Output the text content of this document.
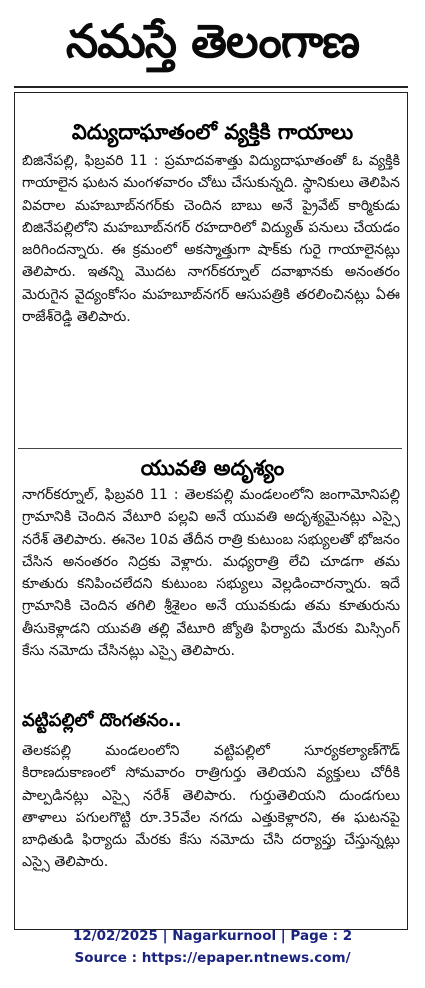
నమస్తే తెలంగాణ
విద్యుదాఘాతంలో వ్యక్తికి గాయాలు
బిజినేపల్లి, ఫిబ్రవరి 11 : ప్రమాదవశాత్తు విద్యుదాఘాతంతో ఓ వ్యక్తికి గాయాలైన ఘటన మంగళవారం చోటు చేసుకున్నది. స్థానికులు తెలిపిన వివరాల మహబూబ్‌నగర్‌కు చెందిన బాబు అనే ప్రైవేట్ కార్మికుడు బిజినేపల్లిలోని మహబూబ్‌నగర్ రహదారిలో విద్యుత్ పనులు చేయడం జరిగిందన్నారు. ఈ క్రమంలో అకస్మాత్తుగా షాక్‌కు గురై గాయాలైనట్లు తెలిపారు. ఇతన్ని మొదట నాగర్‌కర్నూల్ దవాఖానకు అనంతరం మెరుగైన వైద్యంకోసం మహబూబ్‌నగర్ ఆసుపత్రికి తరలించినట్లు ఏఈ రాజేశ్‌రెడ్డి తెలిపారు.
యువతి అదృశ్యం
నాగర్‌కర్నూల్, ఫిబ్రవరి 11 : తెలకపల్లి మండలంలోని జంగామోనిపల్లి గ్రామానికి చెందిన వేటూరి పల్లవి అనే యువతి అదృశ్యమైనట్లు ఎస్సై నరేశ్ తెలిపారు. ఈనెల 10వ తేదీన రాత్రి కుటుంబ సభ్యులతో భోజనం చేసిన అనంతరం నిద్రకు వెళ్లారు. మధ్యరాత్రి లేచి చూడగా తమ కూతురు కనిపించలేదని కుటుంబ సభ్యులు వెల్లడించారన్నారు. ఇదే గ్రామానికి చెందిన తగిలి శ్రీశైలం అనే యువకుడు తమ కూతురును తీసుకెళ్లాడని యువతి తల్లి వేటూరి జ్యోతి ఫిర్యాదు మేరకు మిస్సింగ్ కేసు నమోదు చేసినట్లు ఎస్సై తెలిపారు.
వట్టిపల్లిలో దొంగతనం..
తెలకపల్లి మండలంలోని వట్టిపల్లిలో సూర్యకల్యాణ్‌గౌడ్ కిరాణదుకాణంలో సోమవారం రాత్రిగుర్తు తెలియని వ్యక్తులు చోరీకి పాల్పడినట్లు ఎస్సై నరేశ్ తెలిపారు. గుర్తుతెలియని దుండగులు తాళాలు పగులగొట్టి రూ.35వేల నగదు ఎత్తుకెళ్లారని, ఈ ఘటనపై బాధితుడి ఫిర్యాదు మేరకు కేసు నమోదు చేసి దర్యాప్తు చేస్తున్నట్లు ఎస్సై తెలిపారు.
12/02/2025 | Nagarkurnool | Page : 2
Source : https://epaper.ntnews.com/
